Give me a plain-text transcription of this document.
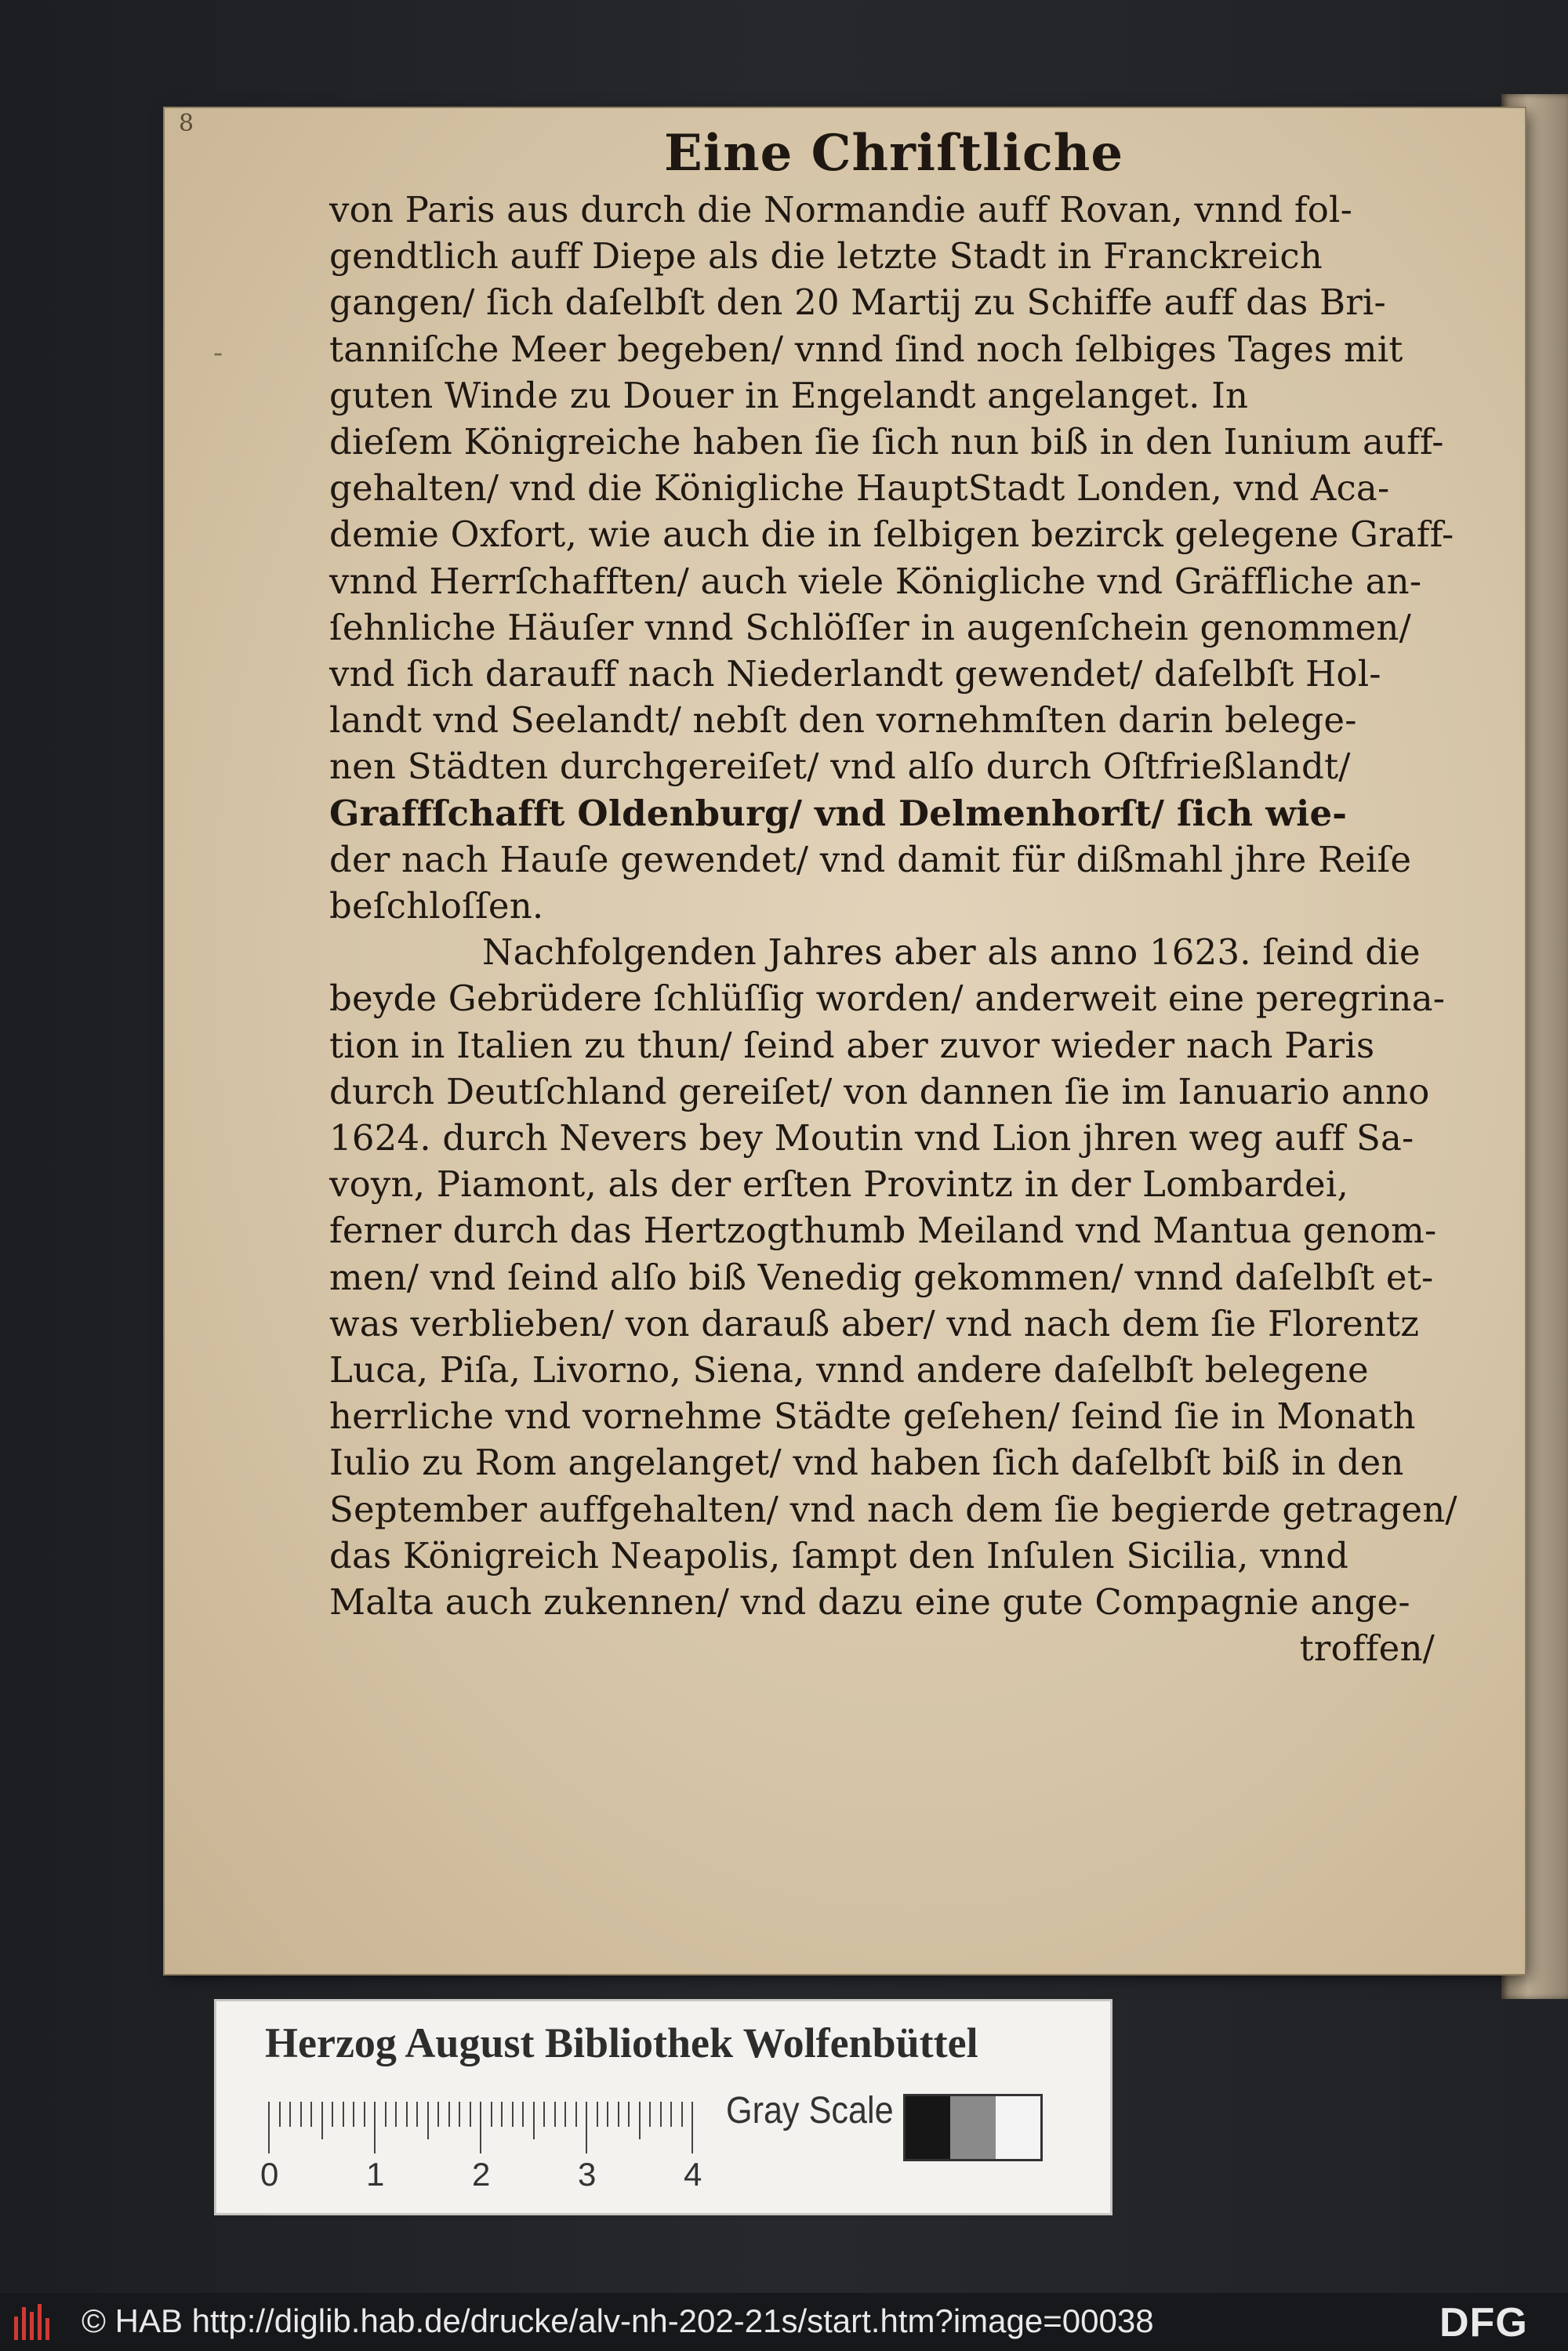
8
-
Eine Chriſtliche
von Paris aus durch die Normandie auff Rovan, vnnd fol-
gendtlich auff Diepe als die letzte Stadt in Franckreich
gangen/ ſich daſelbſt den 20 Martij zu Schiffe auff das Bri-
tanniſche Meer begeben/ vnnd ſind noch ſelbiges Tages mit
guten Winde zu Douer in Engelandt angelanget. In
dieſem Königreiche haben ſie ſich nun biß in den Iunium auff-
gehalten/ vnd die Königliche HauptStadt Londen, vnd Aca-
demie Oxfort, wie auch die in ſelbigen bezirck gelegene Graff-
vnnd Herrſchafften/ auch viele Königliche vnd Gräffliche an-
ſehnliche Häuſer vnnd Schlöſſer in augenſchein genommen/
vnd ſich darauff nach Niederlandt gewendet/ daſelbſt Hol-
landt vnd Seelandt/ nebſt den vornehmſten darin belege-
nen Städten durchgereiſet/ vnd alſo durch Oſtfrießlandt/
Graffſchafft Oldenburg/ vnd Delmenhorſt/ ſich wie-
der nach Hauſe gewendet/ vnd damit für dißmahl jhre Reiſe
beſchloſſen.
Nachfolgenden Jahres aber als anno 1623. ſeind die
beyde Gebrüdere ſchlüſſig worden/ anderweit eine peregrina-
tion in Italien zu thun/ ſeind aber zuvor wieder nach Paris
durch Deutſchland gereiſet/ von dannen ſie im Ianuario anno
1624. durch Nevers bey Moutin vnd Lion jhren weg auff Sa-
voyn, Piamont, als der erſten Provintz in der Lombardei,
ferner durch das Hertzogthumb Meiland vnd Mantua genom-
men/ vnd ſeind alſo biß Venedig gekommen/ vnnd daſelbſt et-
was verblieben/ von darauß aber/ vnd nach dem ſie Florentz
Luca, Piſa, Livorno, Siena, vnnd andere daſelbſt belegene
herrliche vnd vornehme Städte geſehen/ ſeind ſie in Monath
Iulio zu Rom angelanget/ vnd haben ſich daſelbſt biß in den
September auffgehalten/ vnd nach dem ſie begierde getragen/
das Königreich Neapolis, ſampt den Inſulen Sicilia, vnnd
Malta auch zukennen/ vnd dazu eine gute Compagnie ange-
troffen/
Herzog August Bibliothek Wolfenbüttel
0	1	2	3	4
Gray Scale
© HAB http://diglib.hab.de/drucke/alv-nh-202-21s/start.htm?image=00038	DFG
